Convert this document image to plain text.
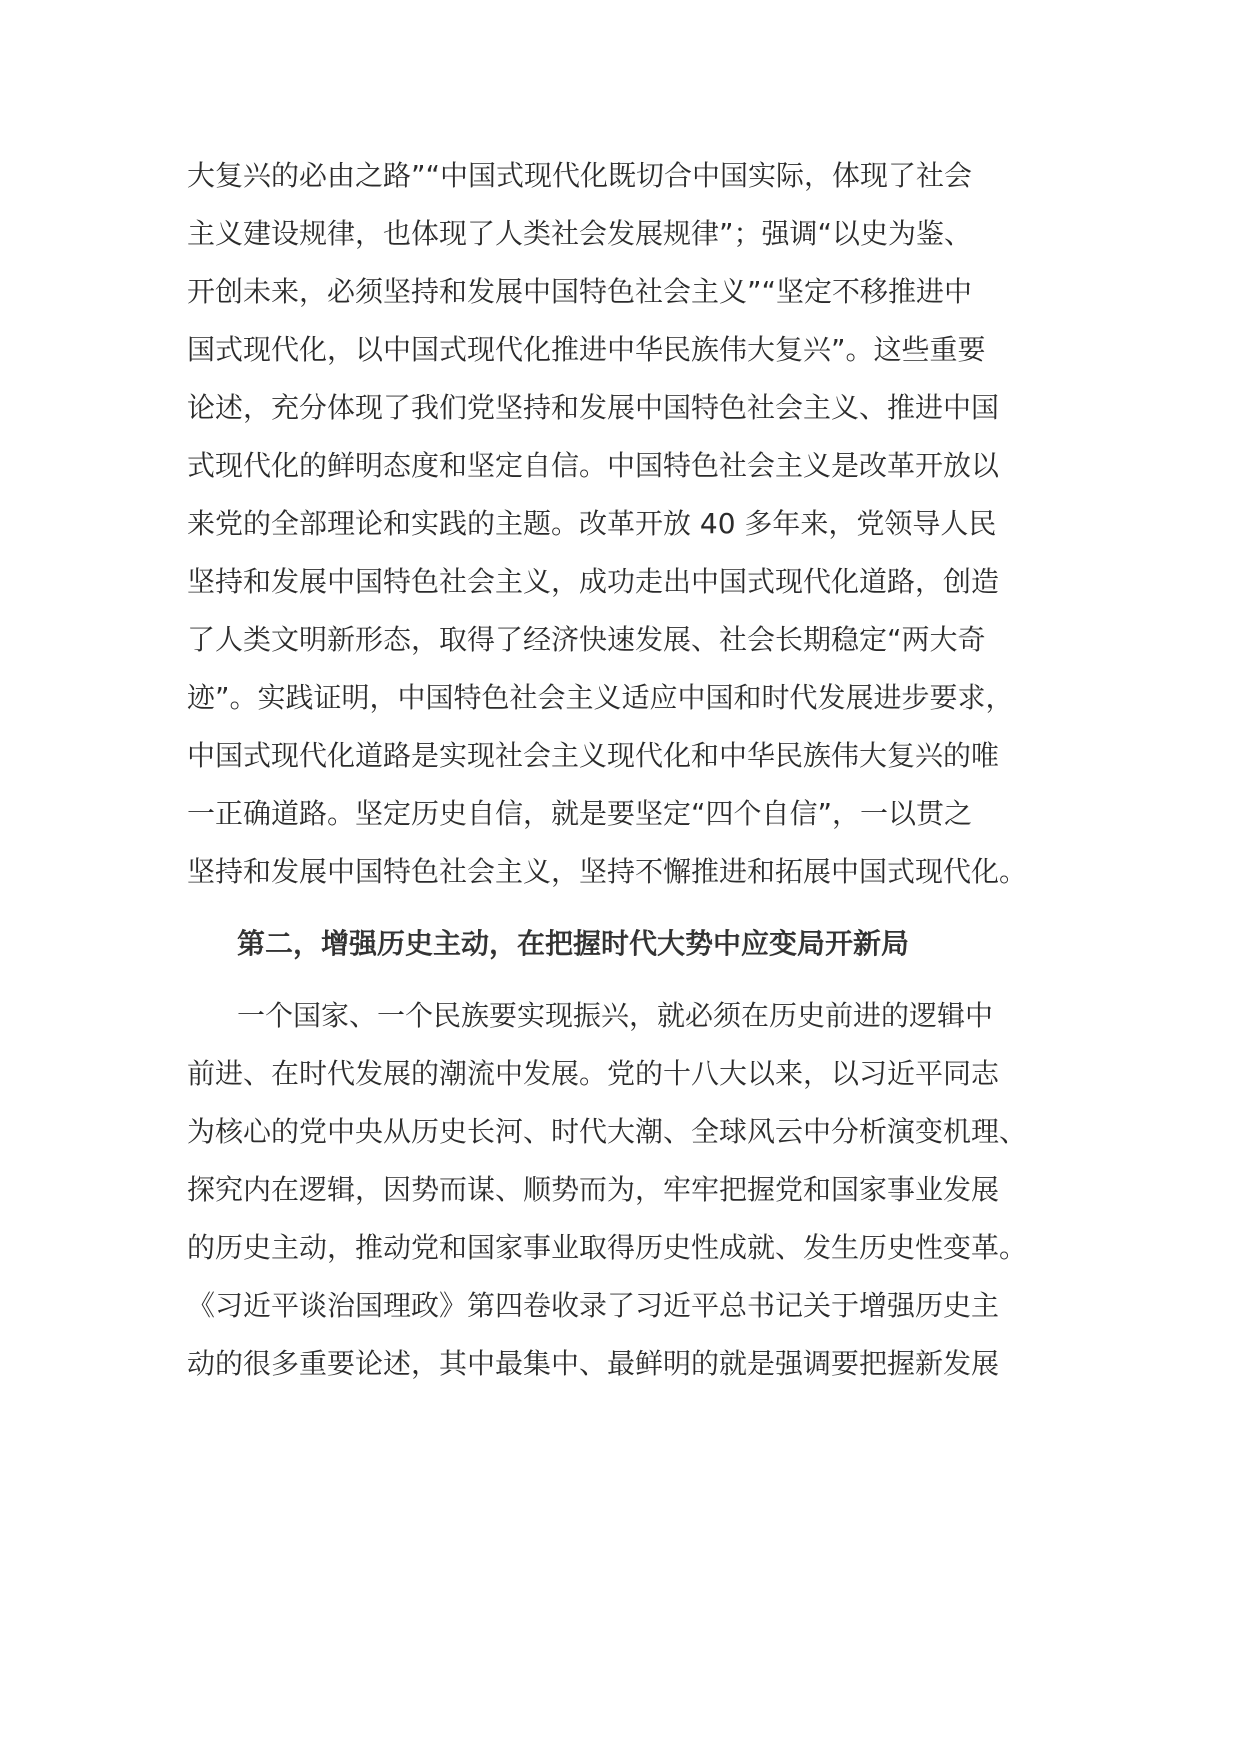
大复兴的必由之路”“中国式现代化既切合中国实际，体现了社会
主义建设规律，也体现了人类社会发展规律”；强调“以史为鉴、
开创未来，必须坚持和发展中国特色社会主义”“坚定不移推进中
国式现代化，以中国式现代化推进中华民族伟大复兴”。这些重要
论述，充分体现了我们党坚持和发展中国特色社会主义、推进中国
式现代化的鲜明态度和坚定自信。中国特色社会主义是改革开放以
来党的全部理论和实践的主题。改革开放 40 多年来，党领导人民
坚持和发展中国特色社会主义，成功走出中国式现代化道路，创造
了人类文明新形态，取得了经济快速发展、社会长期稳定“两大奇
迹”。实践证明，中国特色社会主义适应中国和时代发展进步要求，
中国式现代化道路是实现社会主义现代化和中华民族伟大复兴的唯
一正确道路。坚定历史自信，就是要坚定“四个自信”，一以贯之
坚持和发展中国特色社会主义，坚持不懈推进和拓展中国式现代化。
第二，增强历史主动，在把握时代大势中应变局开新局
一个国家、一个民族要实现振兴，就必须在历史前进的逻辑中
前进、在时代发展的潮流中发展。党的十八大以来，以习近平同志
为核心的党中央从历史长河、时代大潮、全球风云中分析演变机理、
探究内在逻辑，因势而谋、顺势而为，牢牢把握党和国家事业发展
的历史主动，推动党和国家事业取得历史性成就、发生历史性变革。
《习近平谈治国理政》第四卷收录了习近平总书记关于增强历史主
动的很多重要论述，其中最集中、最鲜明的就是强调要把握新发展
